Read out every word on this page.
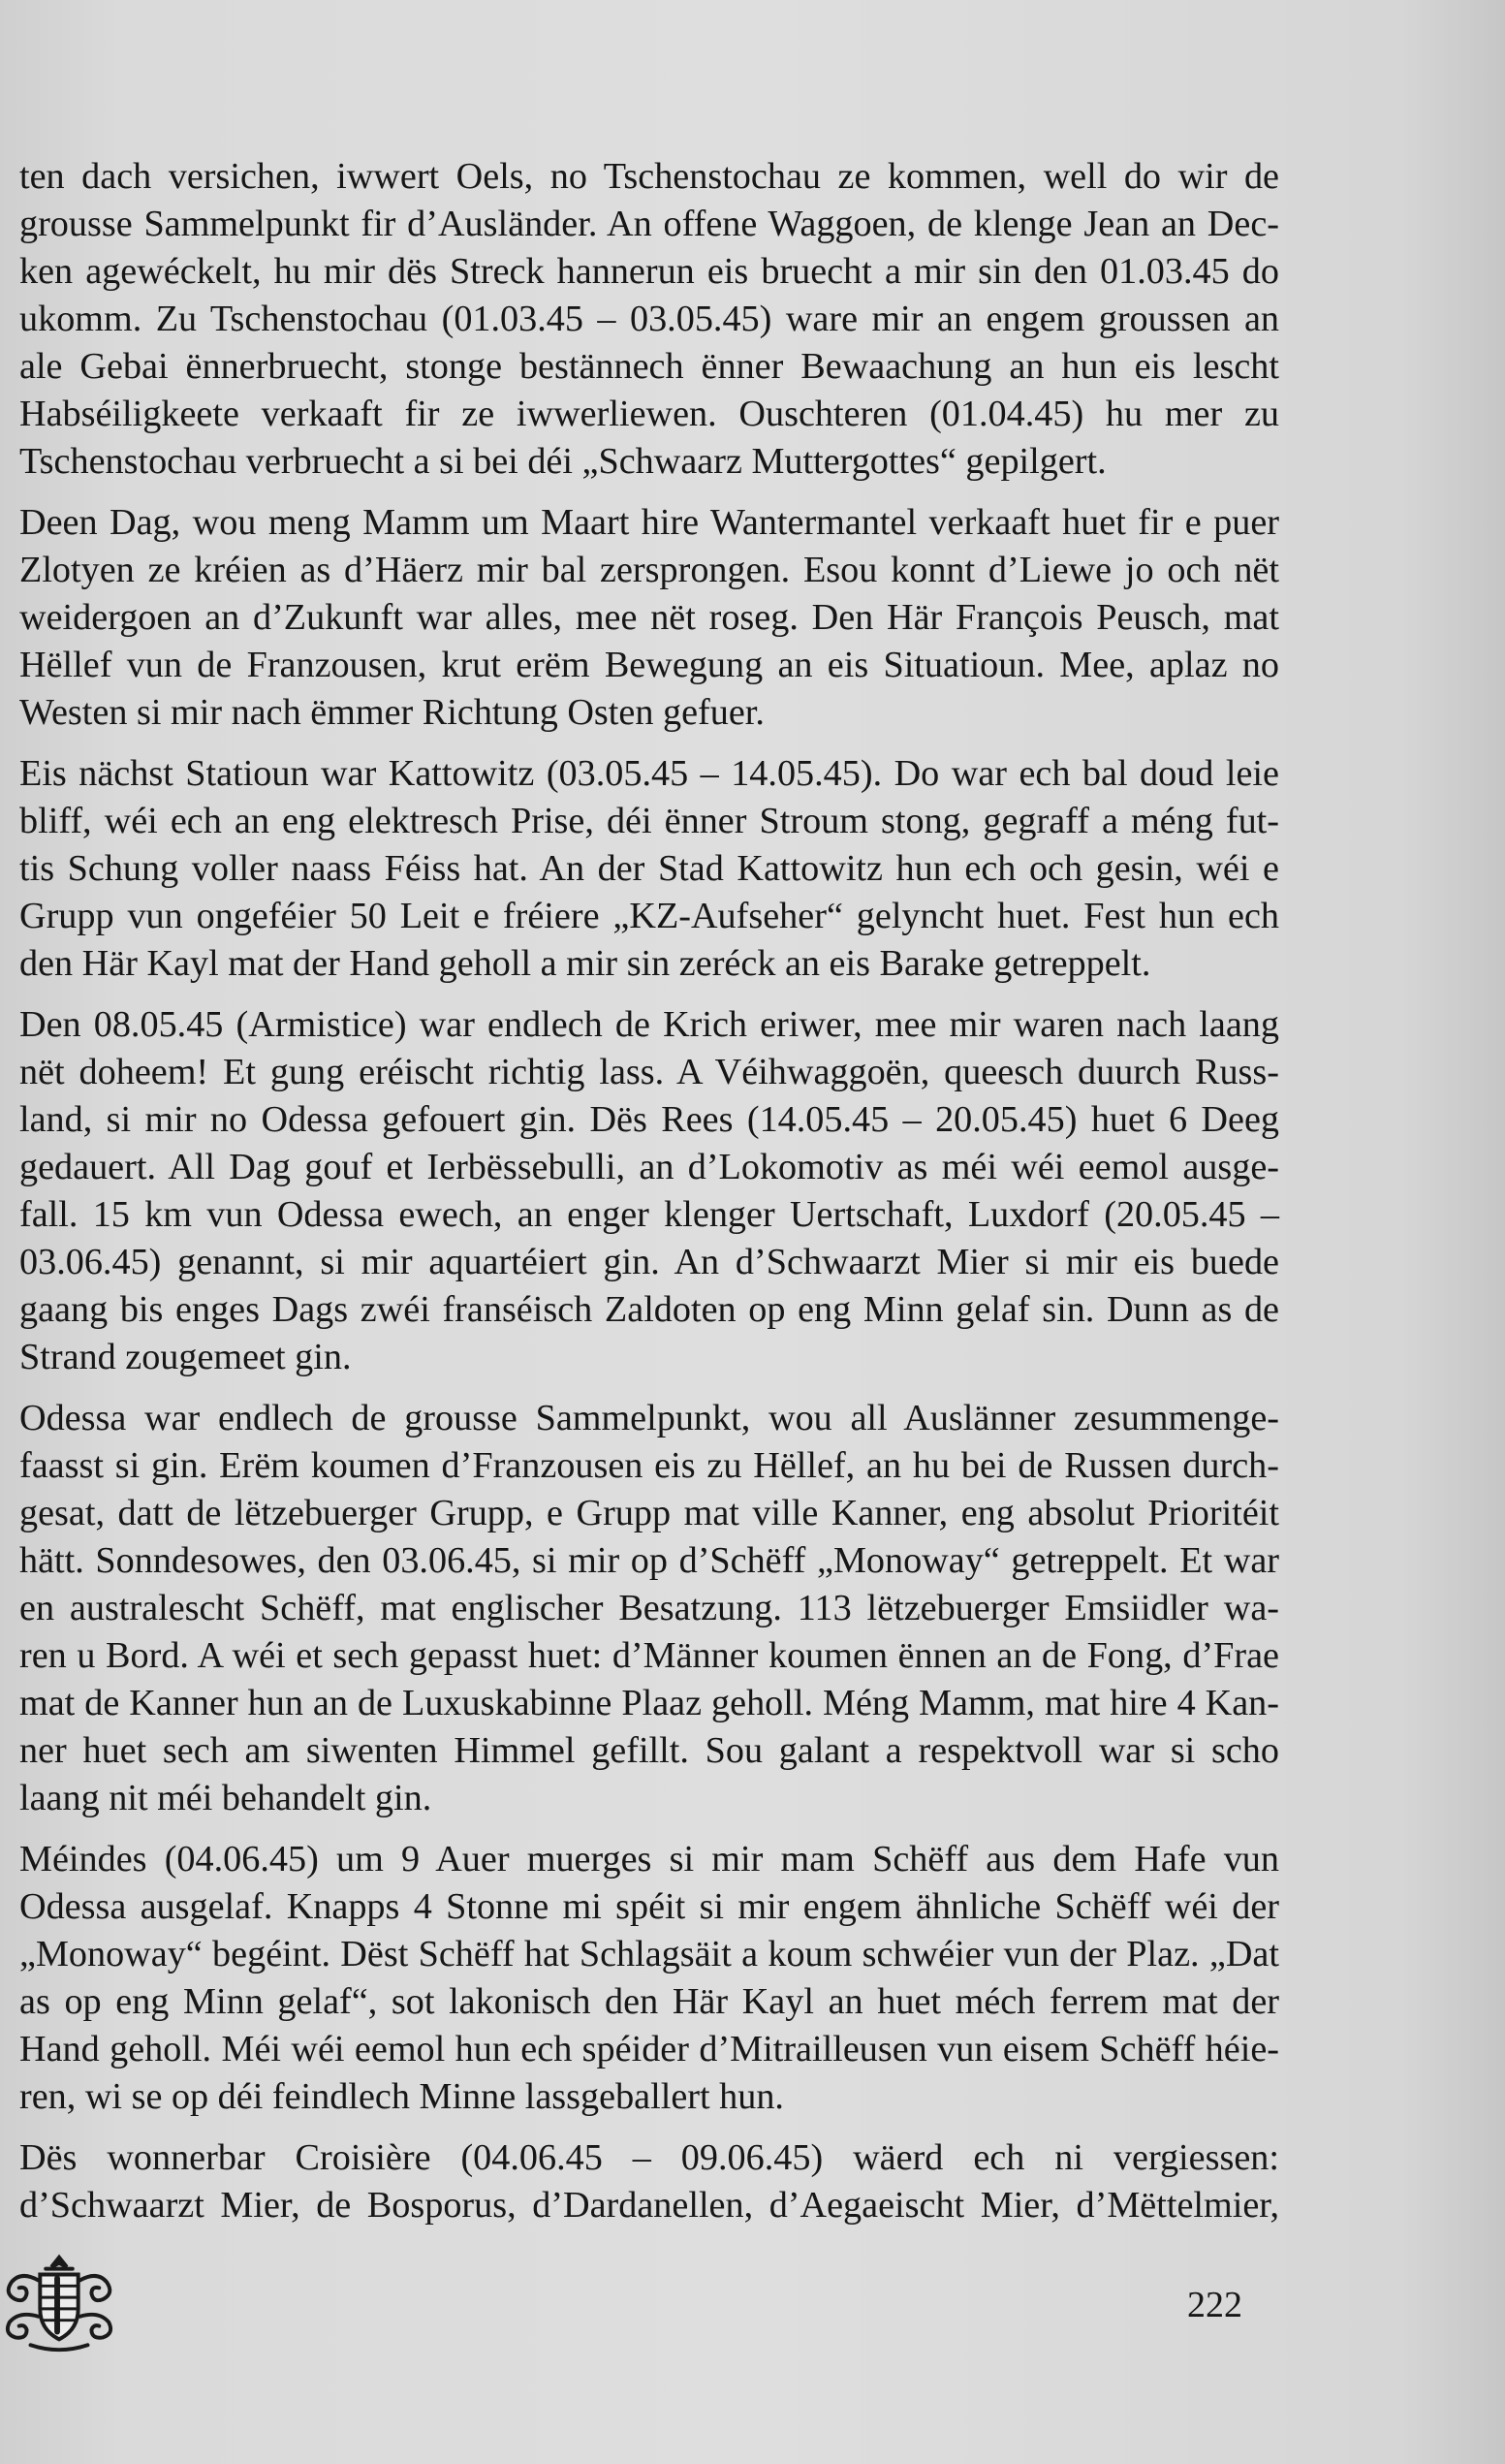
ten dach versichen, iwwert Oels, no Tschenstochau ze kommen, well do wir de
grousse Sammelpunkt fir d’Ausländer. An offene Waggoen, de klenge Jean an Dec-
ken agewéckelt, hu mir dës Streck hannerun eis bruecht a mir sin den 01.03.45 do
ukomm. Zu Tschenstochau (01.03.45 – 03.05.45) ware mir an engem groussen an
ale Gebai ënnerbruecht, stonge bestännech ënner Bewaachung an hun eis lescht
Habséiligkeete verkaaft fir ze iwwerliewen. Ouschteren (01.04.45) hu mer zu
Tschenstochau verbruecht a si bei déi „Schwaarz Muttergottes“ gepilgert.
Deen Dag, wou meng Mamm um Maart hire Wantermantel verkaaft huet fir e puer
Zlotyen ze kréien as d’Häerz mir bal zersprongen. Esou konnt d’Liewe jo och nët
weidergoen an d’Zukunft war alles, mee nët roseg. Den Här François Peusch, mat
Hëllef vun de Franzousen, krut erëm Bewegung an eis Situatioun. Mee, aplaz no
Westen si mir nach ëmmer Richtung Osten gefuer.
Eis nächst Statioun war Kattowitz (03.05.45 – 14.05.45). Do war ech bal doud leie
bliff, wéi ech an eng elektresch Prise, déi ënner Stroum stong, gegraff a méng fut-
tis Schung voller naass Féiss hat. An der Stad Kattowitz hun ech och gesin, wéi e
Grupp vun ongeféier 50 Leit e fréiere „KZ-Aufseher“ gelyncht huet. Fest hun ech
den Här Kayl mat der Hand geholl a mir sin zeréck an eis Barake getreppelt.
Den 08.05.45 (Armistice) war endlech de Krich eriwer, mee mir waren nach laang
nët doheem! Et gung eréischt richtig lass. A Véihwaggoën, queesch duurch Russ-
land, si mir no Odessa gefouert gin. Dës Rees (14.05.45 – 20.05.45) huet 6 Deeg
gedauert. All Dag gouf et Ierbëssebulli, an d’Lokomotiv as méi wéi eemol ausge-
fall. 15 km vun Odessa ewech, an enger klenger Uertschaft, Luxdorf (20.05.45 –
03.06.45) genannt, si mir aquartéiert gin. An d’Schwaarzt Mier si mir eis buede
gaang bis enges Dags zwéi franséisch Zaldoten op eng Minn gelaf sin. Dunn as de
Strand zougemeet gin.
Odessa war endlech de grousse Sammelpunkt, wou all Auslänner zesummenge-
faasst si gin. Erëm koumen d’Franzousen eis zu Hëllef, an hu bei de Russen durch-
gesat, datt de lëtzebuerger Grupp, e Grupp mat ville Kanner, eng absolut Prioritéit
hätt. Sonndesowes, den 03.06.45, si mir op d’Schëff „Monoway“ getreppelt. Et war
en australescht Schëff, mat englischer Besatzung. 113 lëtzebuerger Emsiidler wa-
ren u Bord. A wéi et sech gepasst huet: d’Männer koumen ënnen an de Fong, d’Frae
mat de Kanner hun an de Luxuskabinne Plaaz geholl. Méng Mamm, mat hire 4 Kan-
ner huet sech am siwenten Himmel gefillt. Sou galant a respektvoll war si scho
laang nit méi behandelt gin.
Méindes (04.06.45) um 9 Auer muerges si mir mam Schëff aus dem Hafe vun
Odessa ausgelaf. Knapps 4 Stonne mi spéit si mir engem ähnliche Schëff wéi der
„Monoway“ begéint. Dëst Schëff hat Schlagsäit a koum schwéier vun der Plaz. „Dat
as op eng Minn gelaf“, sot lakonisch den Här Kayl an huet méch ferrem mat der
Hand geholl. Méi wéi eemol hun ech spéider d’Mitrailleusen vun eisem Schëff héie-
ren, wi se op déi feindlech Minne lassgeballert hun.
Dës wonnerbar Croisière (04.06.45 – 09.06.45) wäerd ech ni vergiessen:
d’Schwaarzt Mier, de Bosporus, d’Dardanellen, d’Aegaeischt Mier, d’Mëttelmier,
222
